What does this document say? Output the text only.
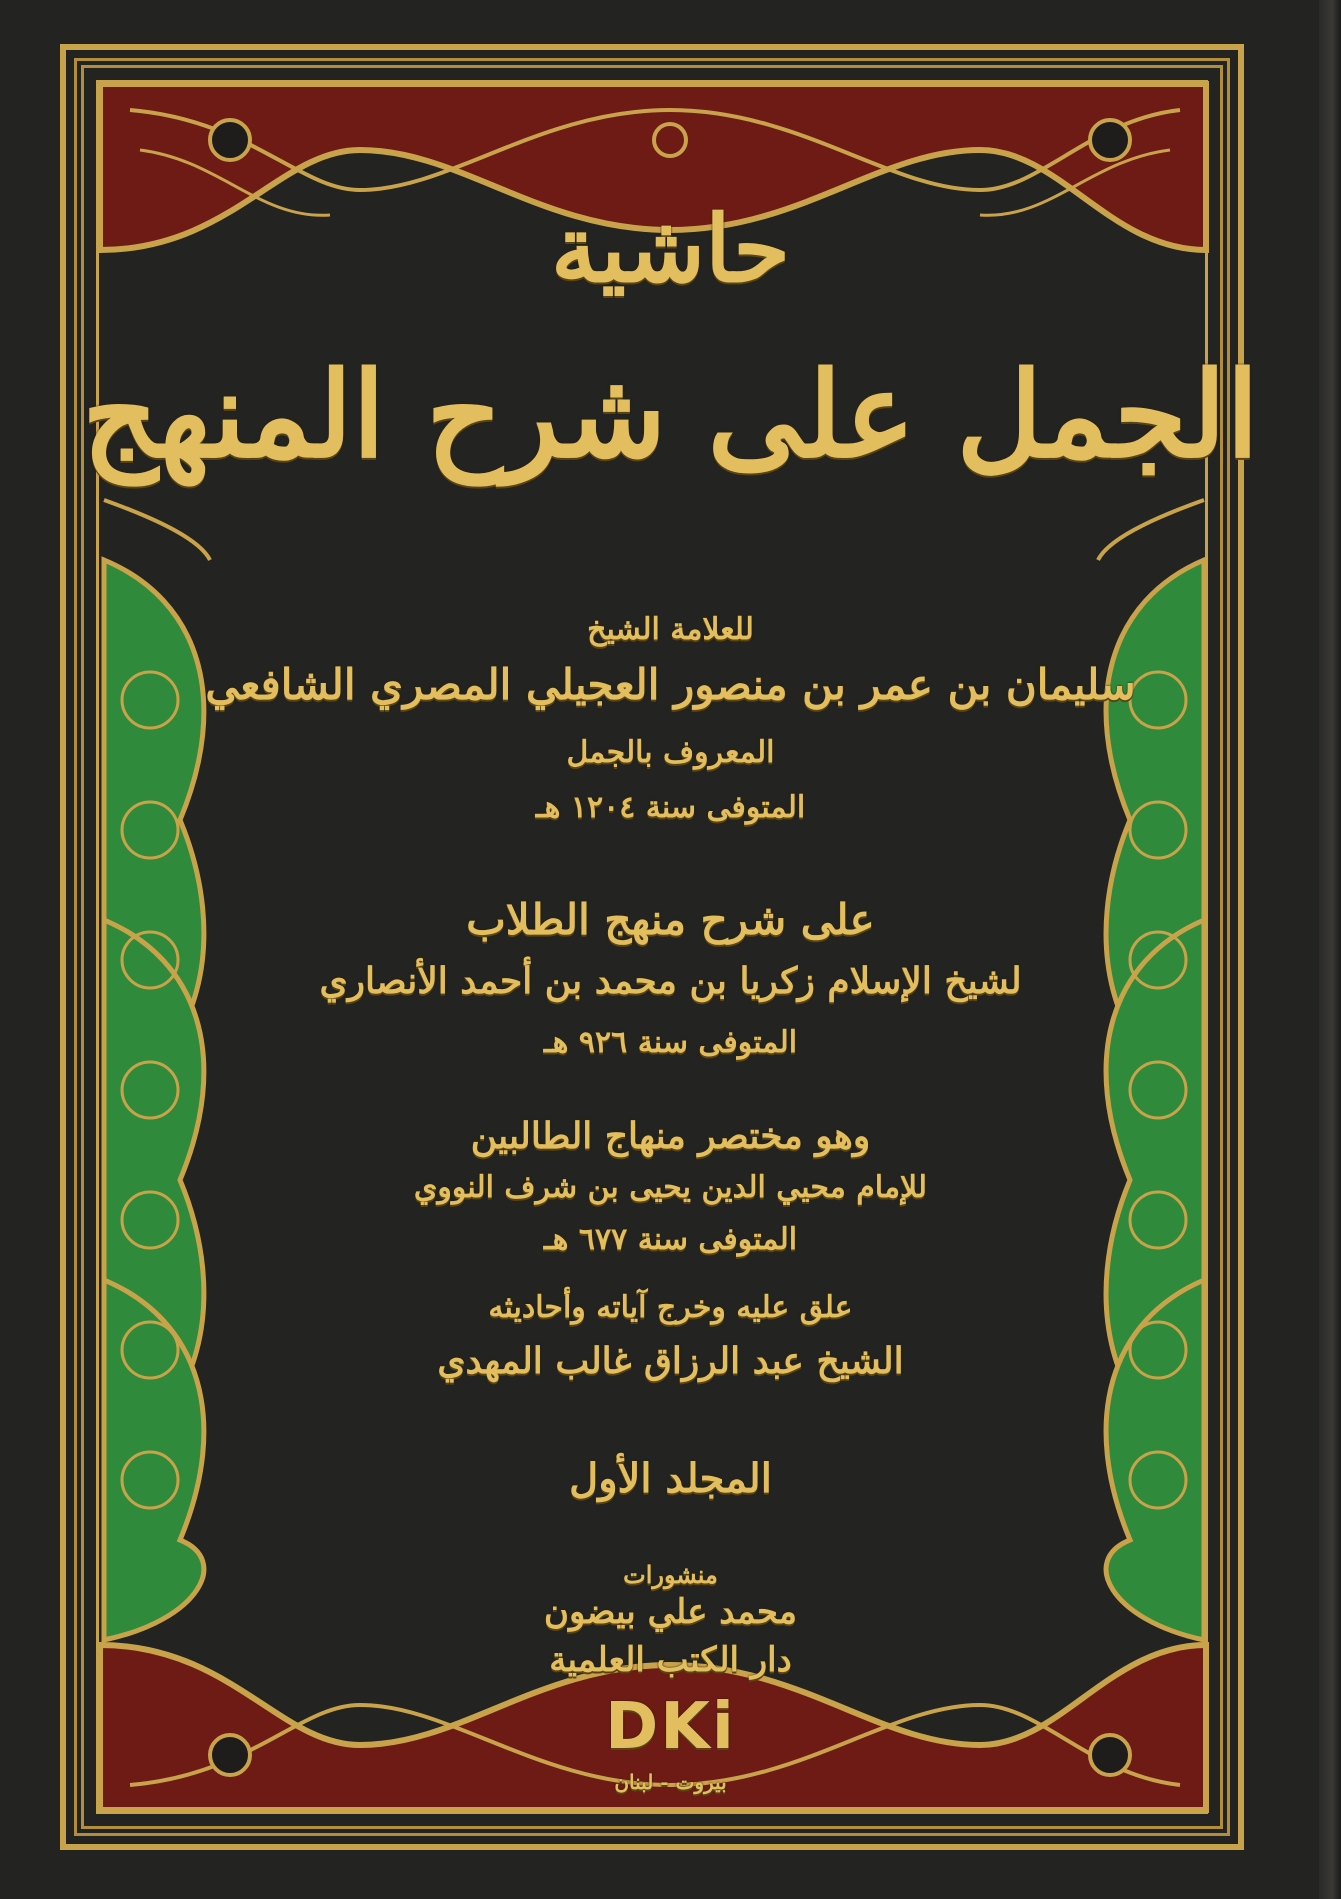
حاشية
الجمل على شرح المنهج
للعلامة الشيخ
سليمان بن عمر بن منصور العجيلي المصري الشافعي
المعروف بالجمل
المتوفى سنة ١٢٠٤ هـ
على شرح منهج الطلاب
لشيخ الإسلام زكريا بن محمد بن أحمد الأنصاري
المتوفى سنة ٩٢٦ هـ
وهو مختصر منهاج الطالبين
للإمام محيي الدين يحيى بن شرف النووي
المتوفى سنة ٦٧٧ هـ
علق عليه وخرج آياته وأحاديثه
الشيخ عبد الرزاق غالب المهدي
المجلد الأول
منشورات
محمد علي بيضون
دار الكتب العلمية
DKi
بيروت - لبنان
